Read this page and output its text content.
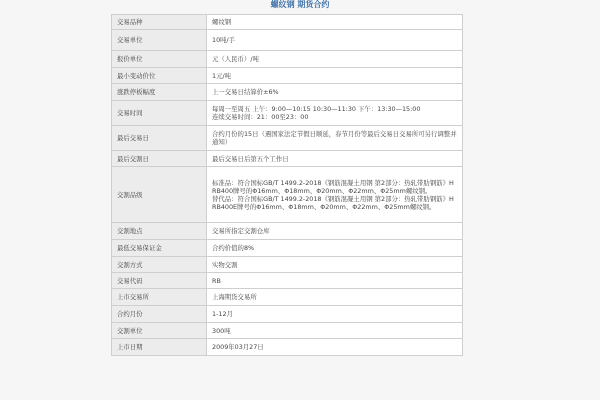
螺纹钢 期货合约
交易品种	螺纹钢

交易单位	10吨/手

报价单位	元（人民币）/吨

最小变动价位	1元/吨

涨跌停板幅度	上一交易日结算价±6%

交易时间	每周一至周五 上午：9:00—10:15 10:30—11:30 下午：13:30—15:00
连续交易时间：21：00至23：00

最后交易日	合约月份的15日（遇国家法定节假日顺延，春节月份等最后交易日交易所可另行调整并通知）

最后交割日	最后交易日后第五个工作日

交割品级	标准品：符合国标GB/T 1499.2-2018《钢筋混凝土用钢 第2部分：热轧带肋钢筋》HRB400牌号的Φ16mm、Φ18mm、Φ20mm、Φ22mm、Φ25mm螺纹钢。
替代品：符合国标GB/T 1499.2-2018《钢筋混凝土用钢 第2部分：热轧带肋钢筋》HRB400E牌号的Φ16mm、Φ18mm、Φ20mm、Φ22mm、Φ25mm螺纹钢。

交割地点	交易所指定交割仓库

最低交易保证金	合约价值的8%

交割方式	实物交割

交易代码	RB

上市交易所	上海期货交易所

合约月份	1-12月

交割单位	300吨

上市日期	2009年03月27日
